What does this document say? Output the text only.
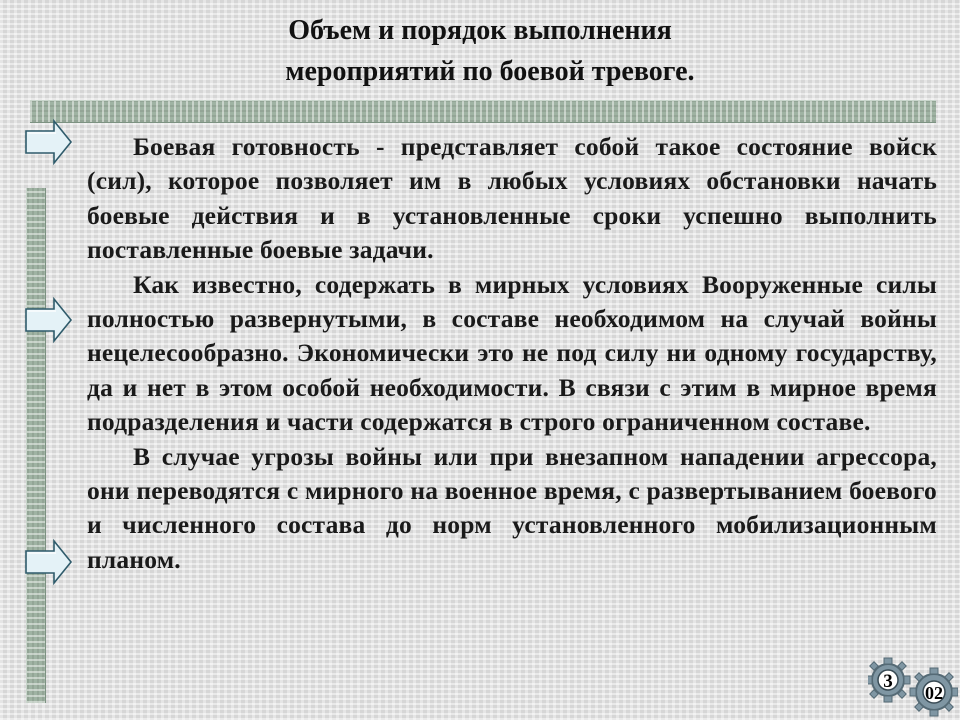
Объем и порядок выполнения
мероприятий по боевой тревоге.

Боевая готовность - представляет собой такое состояние войск (сил), которое позволяет им в любых условиях обстановки начать боевые действия и в установленные сроки успешно выполнить поставленные боевые задачи.

Как известно, содержать в мирных условиях Вооруженные силы полностью развернутыми, в составе необходимом на случай войны нецелесообразно. Экономически это не под силу ни одному государству, да и нет в этом особой необходимости. В связи с этим в мирное время подразделения и части содержатся в строго ограниченном составе.

В случае угрозы войны или при внезапном нападении агрессора, они переводятся с мирного на военное время, с развертыванием боевого и численного состава до норм установленного мобилизационным планом.

3
02
